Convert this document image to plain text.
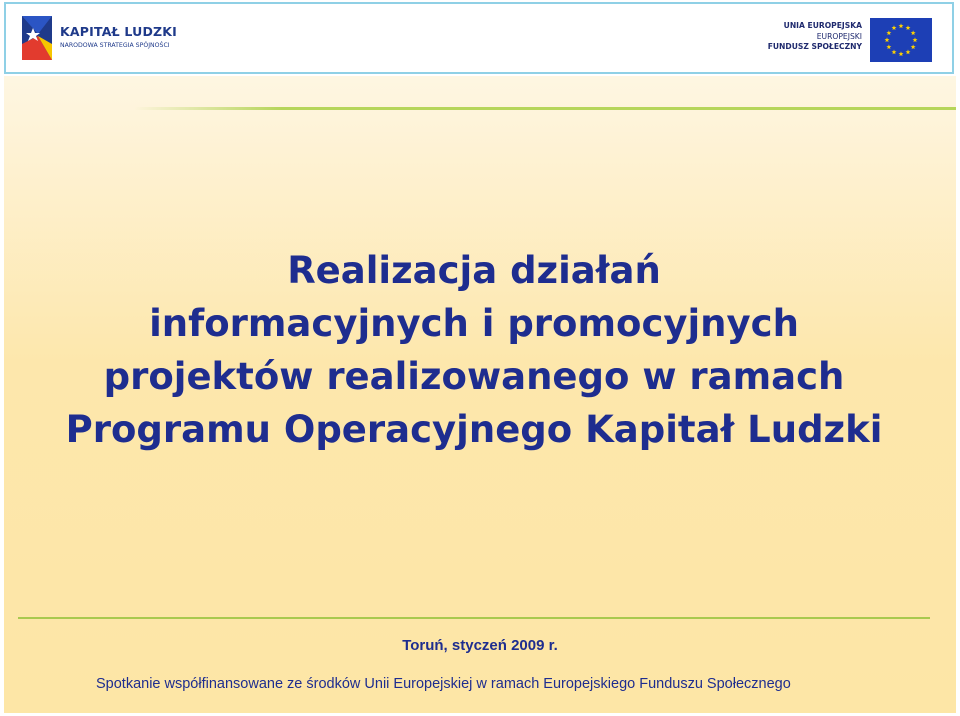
KAPITAŁ LUDZKI
NARODOWA STRATEGIA SPÓJNOŚCI
UNIA EUROPEJSKA
EUROPEJSKI
FUNDUSZ SPOŁECZNY
Realizacja działań
informacyjnych i promocyjnych
projektów realizowanego w ramach
Programu Operacyjnego Kapitał Ludzki
Toruń, styczeń 2009 r.
Spotkanie współfinansowane ze środków Unii Europejskiej w ramach Europejskiego Funduszu Społecznego
